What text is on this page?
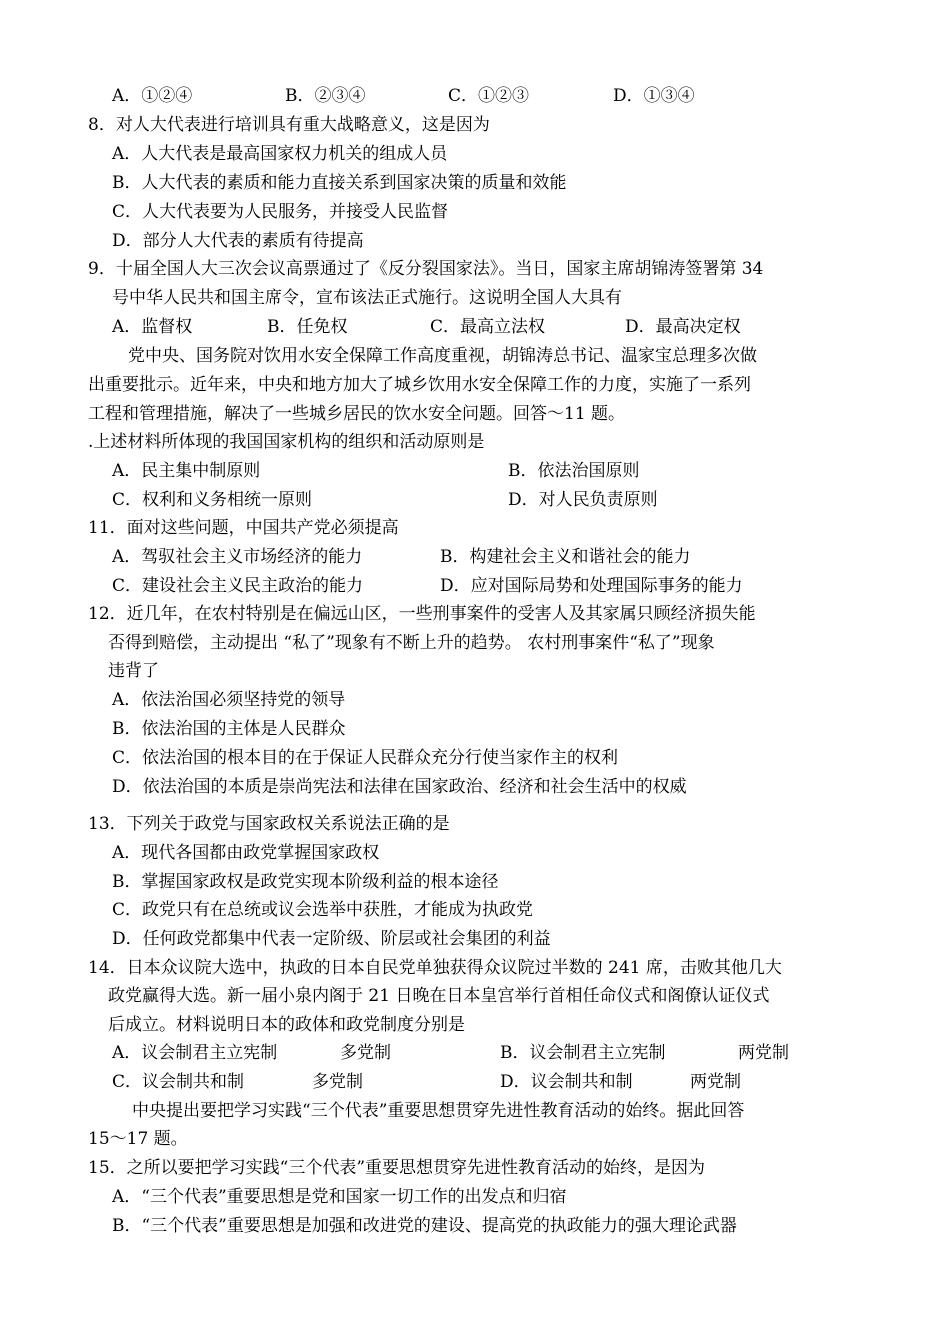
A．①②④	B．②③④	C．①②③	D．①③④
8．对人大代表进行培训具有重大战略意义，这是因为
A．人大代表是最高国家权力机关的组成人员
B．人大代表的素质和能力直接关系到国家决策的质量和效能
C．人大代表要为人民服务，并接受人民监督
D．部分人大代表的素质有待提高
9．十届全国人大三次会议高票通过了《反分裂国家法》。当日，国家主席胡锦涛签署第 34
号中华人民共和国主席令，宣布该法正式施行。这说明全国人大具有
A．监督权	B．任免权	C．最高立法权	D．最高决定权
党中央、国务院对饮用水安全保障工作高度重视，胡锦涛总书记、温家宝总理多次做
出重要批示。近年来，中央和地方加大了城乡饮用水安全保障工作的力度，实施了一系列
工程和管理措施，解决了一些城乡居民的饮水安全问题。回答～11 题。
.上述材料所体现的我国国家机构的组织和活动原则是
A．民主集中制原则	B．依法治国原则
C．权利和义务相统一原则	D．对人民负责原则
11．面对这些问题，中国共产党必须提高
A．驾驭社会主义市场经济的能力	B．构建社会主义和谐社会的能力
C．建设社会主义民主政治的能力	D．应对国际局势和处理国际事务的能力
12．近几年，在农村特别是在偏远山区，一些刑事案件的受害人及其家属只顾经济损失能
否得到赔偿，主动提出 “私了”现象有不断上升的趋势。 农村刑事案件“私了”现象
违背了
A．依法治国必须坚持党的领导
B．依法治国的主体是人民群众
C．依法治国的根本目的在于保证人民群众充分行使当家作主的权利
D．依法治国的本质是崇尚宪法和法律在国家政治、经济和社会生活中的权威
13．下列关于政党与国家政权关系说法正确的是
A．现代各国都由政党掌握国家政权
B．掌握国家政权是政党实现本阶级利益的根本途径
C．政党只有在总统或议会选举中获胜，才能成为执政党
D．任何政党都集中代表一定阶级、阶层或社会集团的利益
14．日本众议院大选中，执政的日本自民党单独获得众议院过半数的 241 席，击败其他几大
政党赢得大选。新一届小泉内阁于 21 日晚在日本皇宫举行首相任命仪式和阁僚认证仪式
后成立。材料说明日本的政体和政党制度分别是
A．议会制君主立宪制	多党制	B．议会制君主立宪制	两党制
C．议会制共和制	多党制	D．议会制共和制	两党制
中央提出要把学习实践“三个代表”重要思想贯穿先进性教育活动的始终。据此回答
15～17 题。
15．之所以要把学习实践“三个代表”重要思想贯穿先进性教育活动的始终，是因为
A．“三个代表”重要思想是党和国家一切工作的出发点和归宿
B．“三个代表”重要思想是加强和改进党的建设、提高党的执政能力的强大理论武器
